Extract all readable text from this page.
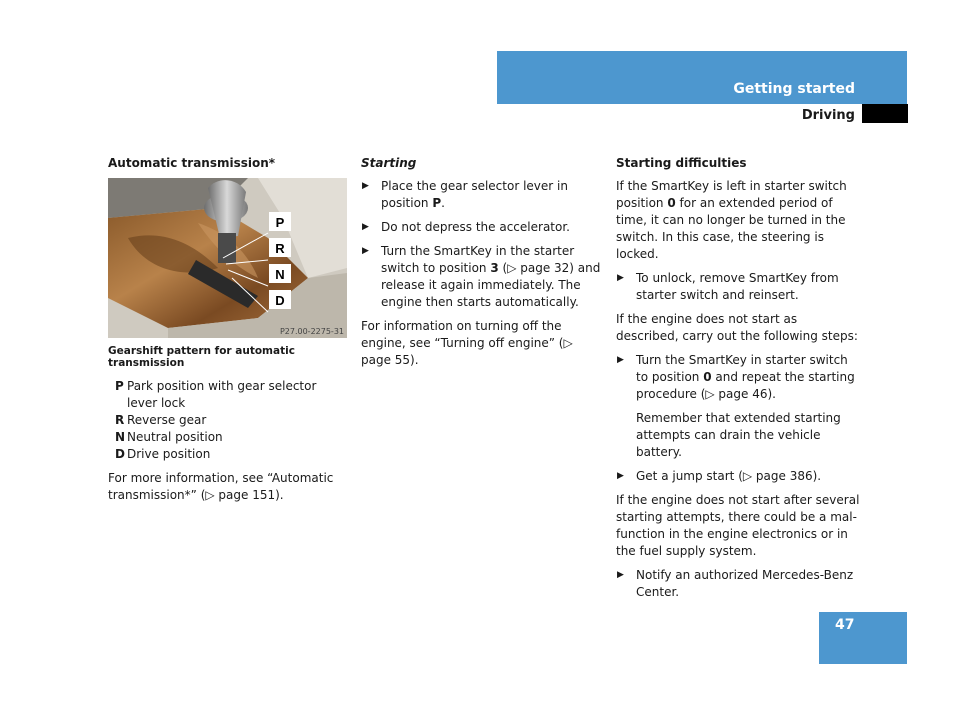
Getting started
Driving
Automatic transmission*
P
R
N
D
P27.00-2275-31
Gearshift pattern for automatic transmission
P Park position with gear selector lever lock
R Reverse gear
N Neutral position
D Drive position

For more information, see “Automatic transmission*” (▷ page 151).

Starting
▶ Place the gear selector lever in position P.
▶ Do not depress the accelerator.
▶ Turn the SmartKey in the starter switch to position 3 (▷ page 32) and release it again immediately. The engine then starts automatically.

For information on turning off the engine, see “Turning off engine” (▷ page 55).

Starting difficulties

If the SmartKey is left in starter switch position 0 for an extended period of time, it can no longer be turned in the switch. In this case, the steering is locked.

▶ To unlock, remove SmartKey from starter switch and reinsert.

If the engine does not start as described, carry out the following steps:

▶ Turn the SmartKey in starter switch to position 0 and repeat the starting procedure (▷ page 46).
Remember that extended starting attempts can drain the vehicle battery.
▶ Get a jump start (▷ page 386).

If the engine does not start after several starting attempts, there could be a mal-function in the engine electronics or in the fuel supply system.

▶ Notify an authorized Mercedes-Benz Center.
47
